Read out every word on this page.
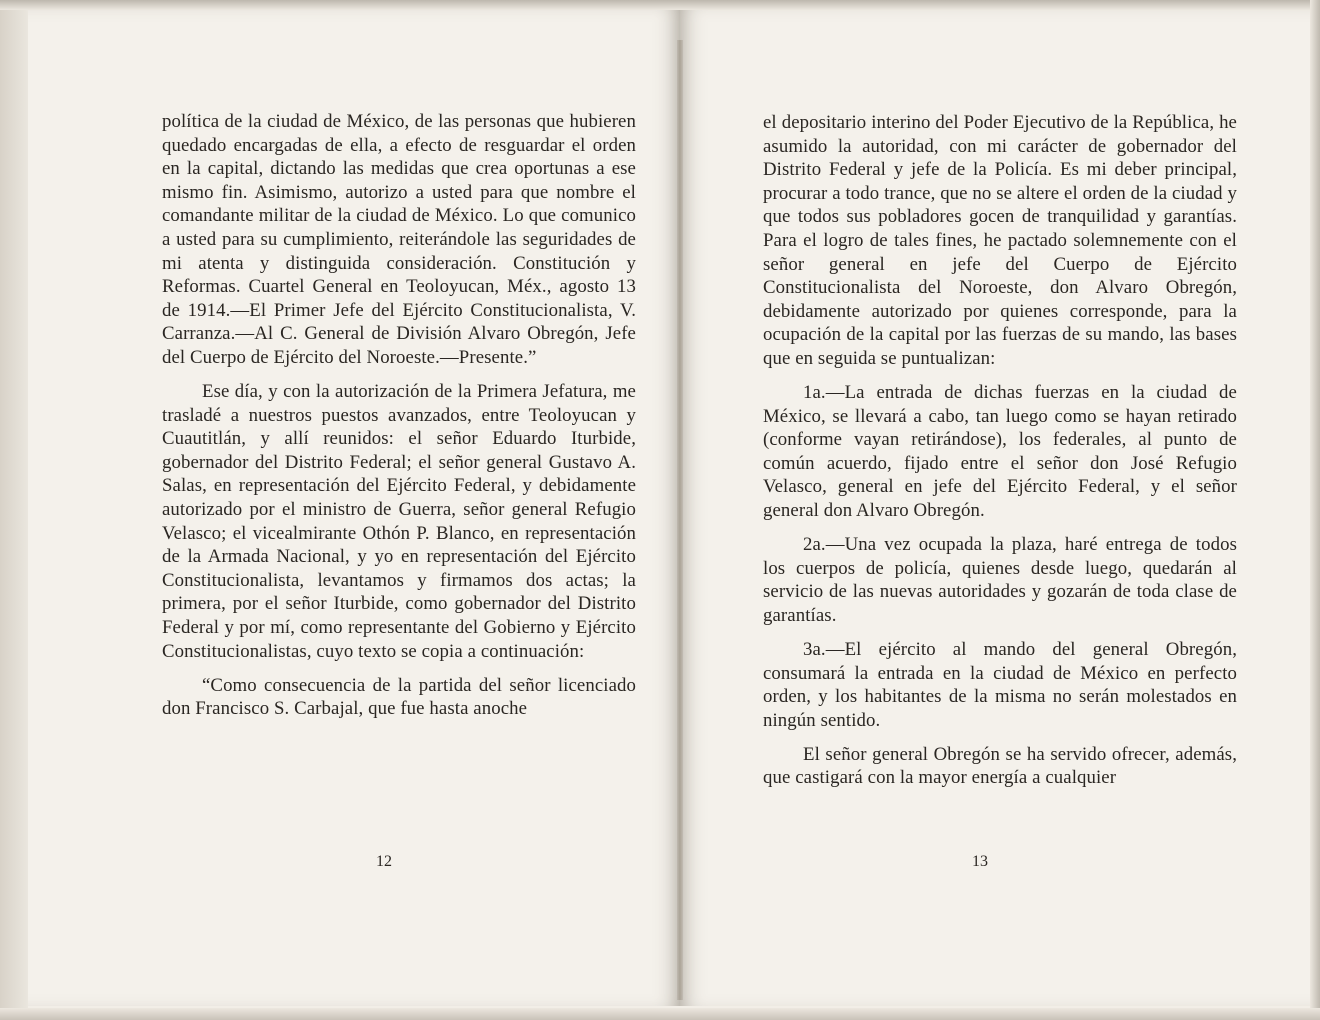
política de la ciudad de México, de las personas que hubieren quedado encargadas de ella, a efecto de resguardar el orden en la capital, dictando las medidas que crea oportunas a ese mismo fin. Asimismo, autorizo a usted para que nombre el comandante militar de la ciudad de México. Lo que comunico a usted para su cumplimiento, reiterándole las seguridades de mi atenta y distinguida consideración. Constitución y Reformas. Cuartel General en Teoloyucan, Méx., agosto 13 de 1914.—El Primer Jefe del Ejército Constitucionalista, V. Carranza.—Al C. General de División Alvaro Obregón, Jefe del Cuerpo de Ejército del Noroeste.—Presente.”

Ese día, y con la autorización de la Primera Jefatura, me trasladé a nuestros puestos avanzados, entre Teoloyucan y Cuautitlán, y allí reunidos: el señor Eduardo Iturbide, gobernador del Distrito Federal; el señor general Gustavo A. Salas, en representación del Ejército Federal, y debidamente autorizado por el ministro de Guerra, señor general Refugio Velasco; el vicealmirante Othón P. Blanco, en representación de la Armada Nacional, y yo en representación del Ejército Constitucionalista, levantamos y firmamos dos actas; la primera, por el señor Iturbide, como gobernador del Distrito Federal y por mí, como representante del Gobierno y Ejército Constitucionalistas, cuyo texto se copia a continuación:

“Como consecuencia de la partida del señor licenciado don Francisco S. Carbajal, que fue hasta anoche

12

el depositario interino del Poder Ejecutivo de la República, he asumido la autoridad, con mi carácter de gobernador del Distrito Federal y jefe de la Policía. Es mi deber principal, procurar a todo trance, que no se altere el orden de la ciudad y que todos sus pobladores gocen de tranquilidad y garantías. Para el logro de tales fines, he pactado solemnemente con el señor general en jefe del Cuerpo de Ejército Constitucionalista del Noroeste, don Alvaro Obregón, debidamente autorizado por quienes corresponde, para la ocupación de la capital por las fuerzas de su mando, las bases que en seguida se puntualizan:

1a.—La entrada de dichas fuerzas en la ciudad de México, se llevará a cabo, tan luego como se hayan retirado (conforme vayan retirándose), los federales, al punto de común acuerdo, fijado entre el señor don José Refugio Velasco, general en jefe del Ejército Federal, y el señor general don Alvaro Obregón.

2a.—Una vez ocupada la plaza, haré entrega de todos los cuerpos de policía, quienes desde luego, quedarán al servicio de las nuevas autoridades y gozarán de toda clase de garantías.

3a.—El ejército al mando del general Obregón, consumará la entrada en la ciudad de México en perfecto orden, y los habitantes de la misma no serán molestados en ningún sentido.

El señor general Obregón se ha servido ofrecer, además, que castigará con la mayor energía a cualquier

13
